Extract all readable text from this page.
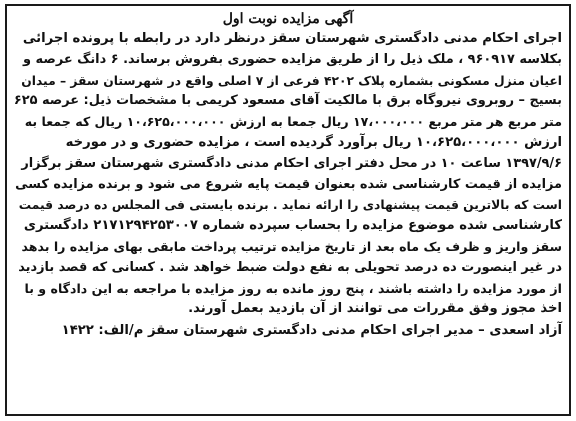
آگهی مزایده نوبت اول
اجرای احکام مدنی دادگستری شهرستان سقز درنظر دارد در رابطه با پرونده اجرائی
بکلاسه ۹۶۰۹۱۷ ، ملک ذیل را از طریق مزایده حضوری بفروش برساند. ۶ دانگ عرصه و
اعیان منزل مسکونی بشماره پلاک ۴۲۰۲ فرعی از ۷ اصلی واقع در شهرستان سقز – میدان
بسیج – روبروی نیروگاه برق با مالکیت آقای مسعود کریمی با مشخصات ذیل: عرصه ۶۲۵
متر مربع هر متر مربع ۱۷،۰۰۰،۰۰۰ ریال جمعا به ارزش ۱۰،۶۲۵،۰۰۰،۰۰۰ ریال که جمعا به
ارزش ۱۰،۶۲۵،۰۰۰،۰۰۰ ریال برآورد گردیده است ، مزایده حضوری و در مورخه
۱۳۹۷/۹/۶ ساعت ۱۰ در محل دفتر اجرای احکام مدنی دادگستری شهرستان سقز برگزار
مزایده از قیمت کارشناسی شده بعنوان قیمت پایه شروع می شود و برنده مزایده کسی
است که بالاترین قیمت پیشنهادی را ارائه نماید . برنده بایستی فی المجلس ده درصد قیمت
کارشناسی شده موضوع مزایده را بحساب سپرده شماره ۲۱۷۱۲۹۴۲۵۳۰۰۷ دادگستری
سقز واریز و ظرف یک ماه بعد از تاریخ مزایده ترتیب پرداخت مابقی بهای مزایده را بدهد
در غیر اینصورت ده درصد تحویلی به نفع دولت ضبط خواهد شد . کسانی که قصد بازدید
از مورد مزایده را داشته باشند ، پنج روز مانده به روز مزایده با مراجعه به این دادگاه و با
اخذ مجوز وفق مقررات می توانند از آن بازدید بعمل آورند.
آزاد اسعدی – مدیر اجرای احکام مدنی دادگستری شهرستان سقز م/الف: ۱۴۲۲
